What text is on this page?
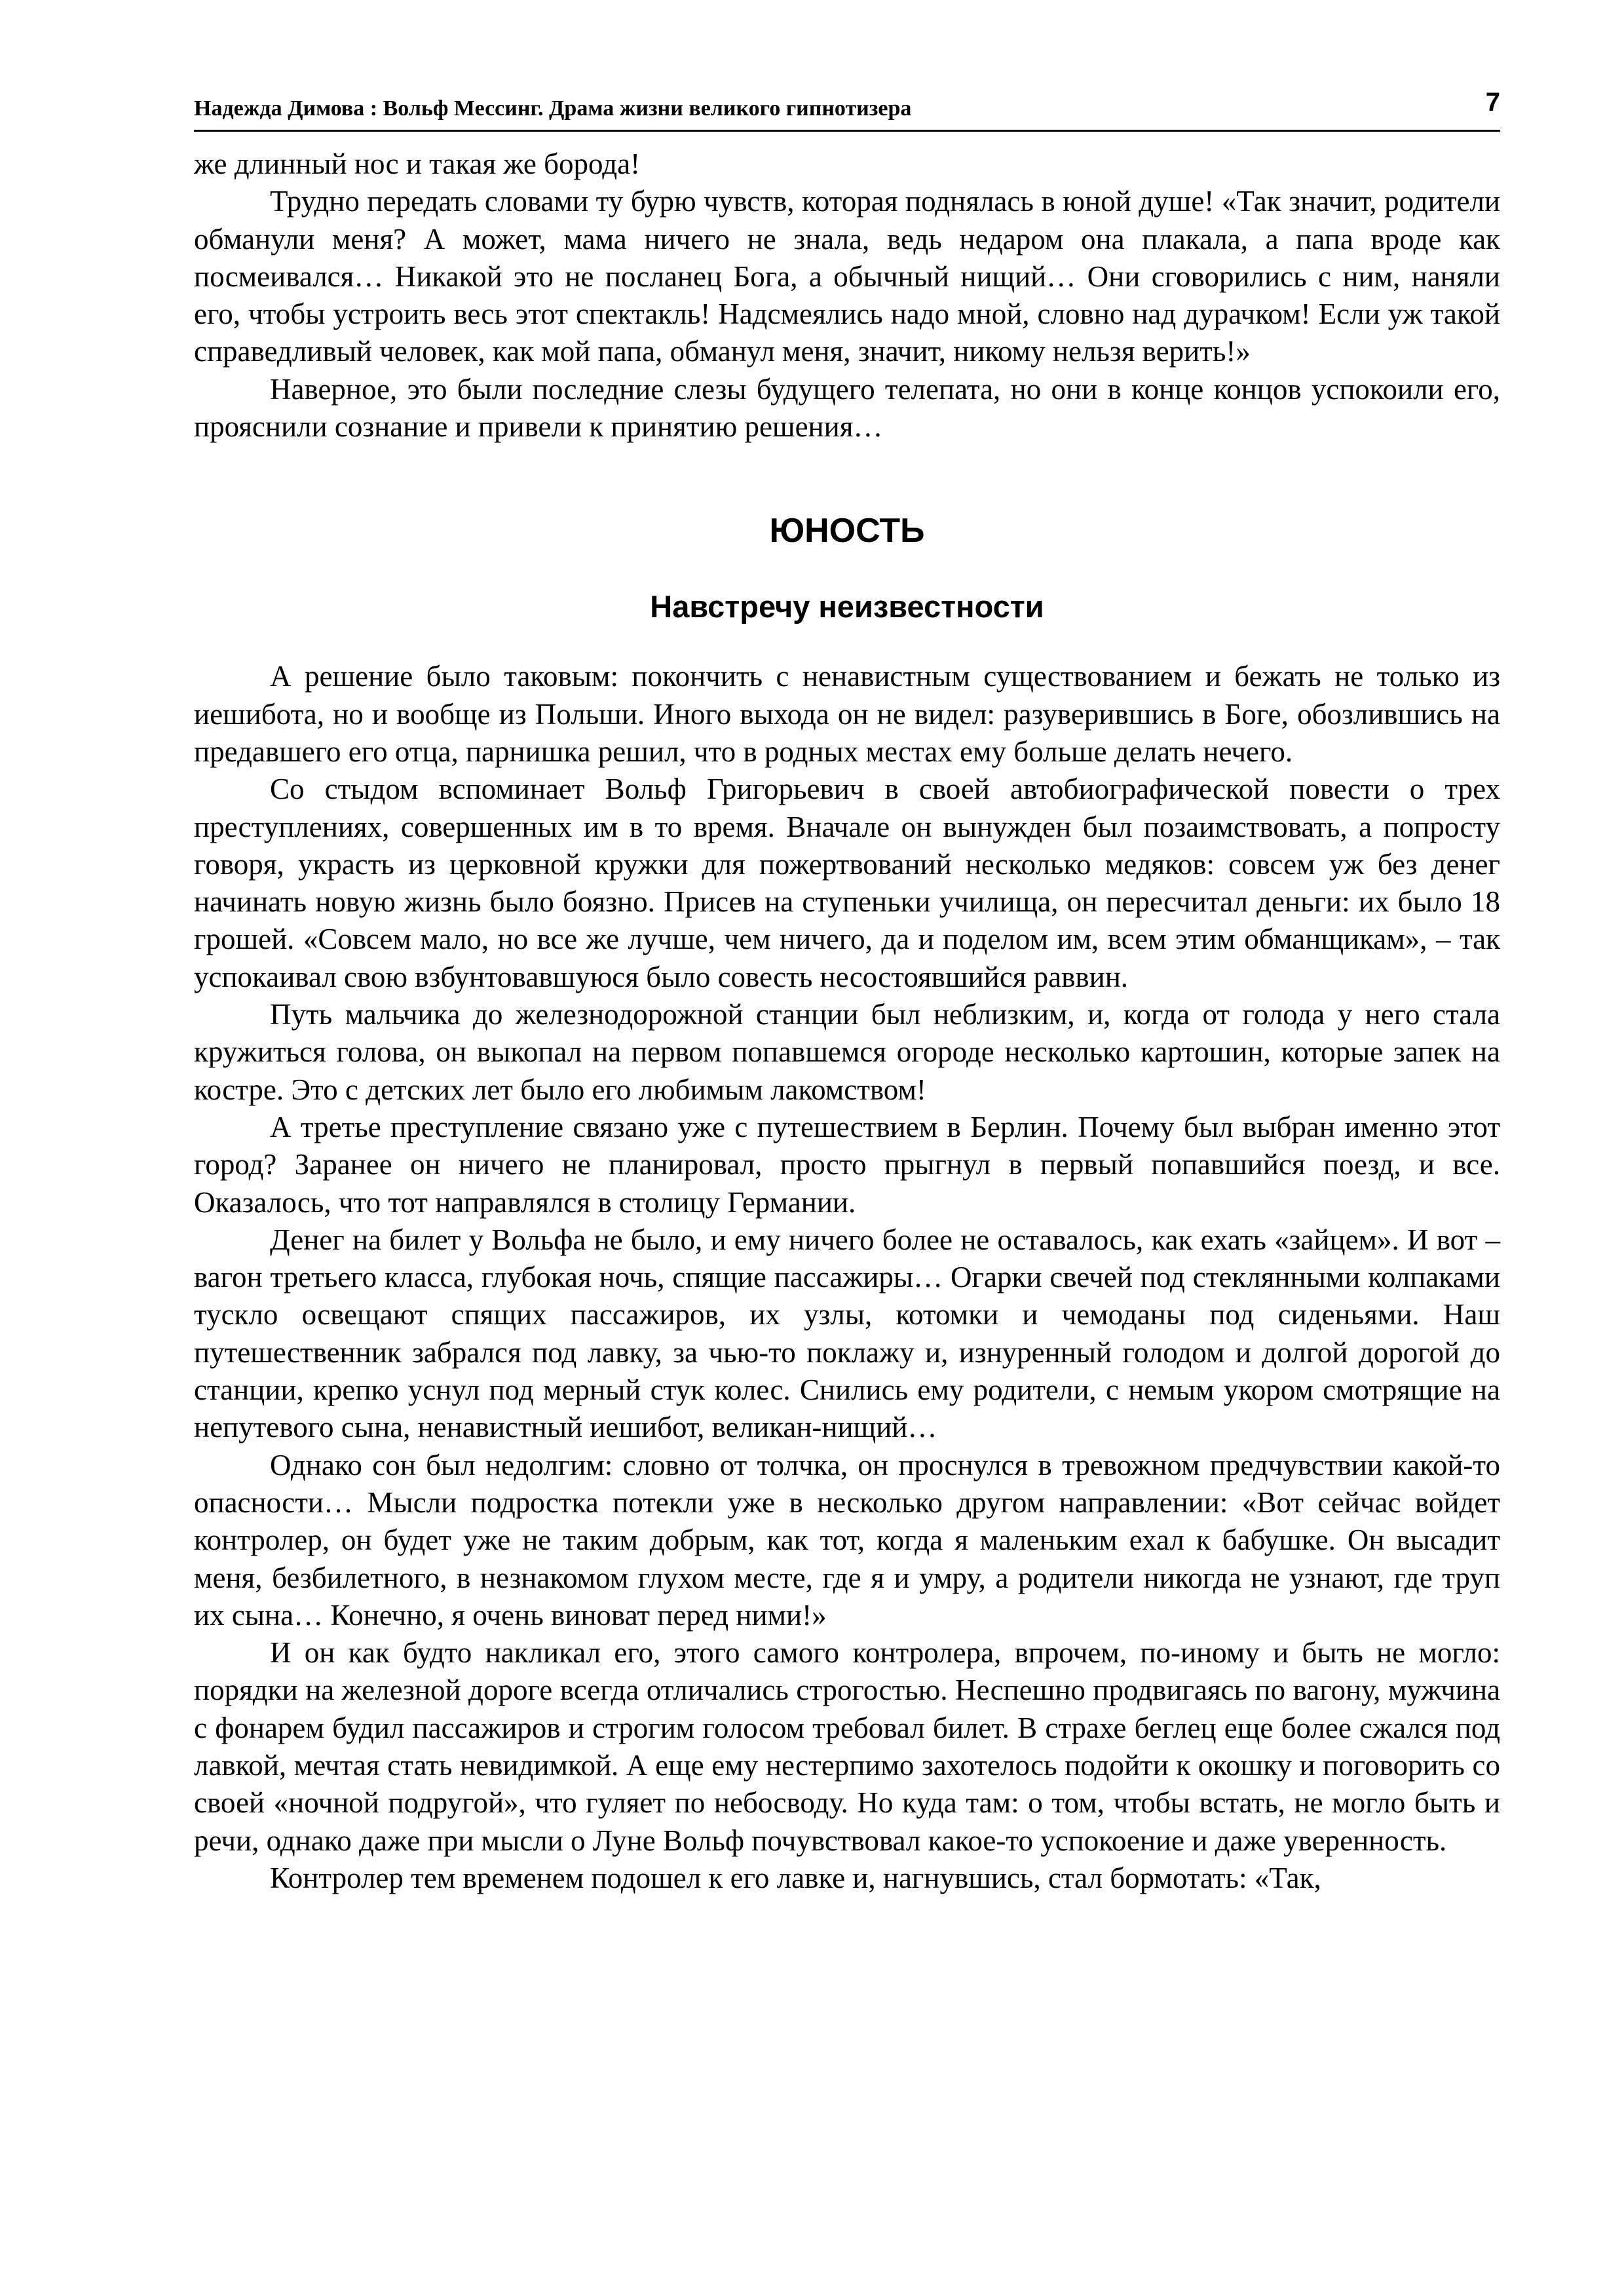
Надежда Димова : Вольф Мессинг. Драма жизни великого гипнотизера	7

же длинный нос и такая же борода!

Трудно передать словами ту бурю чувств, которая поднялась в юной душе! «Так значит, родители обманули меня? А может, мама ничего не знала, ведь недаром она плакала, а папа вроде как посмеивался… Никакой это не посланец Бога, а обычный нищий… Они сговорились с ним, наняли его, чтобы устроить весь этот спектакль! Надсмеялись надо мной, словно над дурачком! Если уж такой справедливый человек, как мой папа, обманул меня, значит, никому нельзя верить!»

Наверное, это были последние слезы будущего телепата, но они в конце концов успокоили его, прояснили сознание и привели к принятию решения…

ЮНОСТЬ
Навстречу неизвестности

А решение было таковым: покончить с ненавистным существованием и бежать не только из иешибота, но и вообще из Польши. Иного выхода он не видел: разуверившись в Боге, обозлившись на предавшего его отца, парнишка решил, что в родных местах ему больше делать нечего.

Со стыдом вспоминает Вольф Григорьевич в своей автобиографической повести о трех преступлениях, совершенных им в то время. Вначале он вынужден был позаимствовать, а попросту говоря, украсть из церковной кружки для пожертвований несколько медяков: совсем уж без денег начинать новую жизнь было боязно. Присев на ступеньки училища, он пересчитал деньги: их было 18 грошей. «Совсем мало, но все же лучше, чем ничего, да и поделом им, всем этим обманщикам», – так успокаивал свою взбунтовавшуюся было совесть несостоявшийся раввин.

Путь мальчика до железнодорожной станции был неблизким, и, когда от голода у него стала кружиться голова, он выкопал на первом попавшемся огороде несколько картошин, которые запек на костре. Это с детских лет было его любимым лакомством!

А третье преступление связано уже с путешествием в Берлин. Почему был выбран именно этот город? Заранее он ничего не планировал, просто прыгнул в первый попавшийся поезд, и все. Оказалось, что тот направлялся в столицу Германии.

Денег на билет у Вольфа не было, и ему ничего более не оставалось, как ехать «зайцем». И вот – вагон третьего класса, глубокая ночь, спящие пассажиры… Огарки свечей под стеклянными колпаками тускло освещают спящих пассажиров, их узлы, котомки и чемоданы под сиденьями. Наш путешественник забрался под лавку, за чью-то поклажу и, изнуренный голодом и долгой дорогой до станции, крепко уснул под мерный стук колес. Снились ему родители, с немым укором смотрящие на непутевого сына, ненавистный иешибот, великан-нищий…

Однако сон был недолгим: словно от толчка, он проснулся в тревожном предчувствии какой-то опасности… Мысли подростка потекли уже в несколько другом направлении: «Вот сейчас войдет контролер, он будет уже не таким добрым, как тот, когда я маленьким ехал к бабушке. Он высадит меня, безбилетного, в незнакомом глухом месте, где я и умру, а родители никогда не узнают, где труп их сына… Конечно, я очень виноват перед ними!»

И он как будто накликал его, этого самого контролера, впрочем, по-иному и быть не могло: порядки на железной дороге всегда отличались строгостью. Неспешно продвигаясь по вагону, мужчина с фонарем будил пассажиров и строгим голосом требовал билет. В страхе беглец еще более сжался под лавкой, мечтая стать невидимкой. А еще ему нестерпимо захотелось подойти к окошку и поговорить со своей «ночной подругой», что гуляет по небосводу. Но куда там: о том, чтобы встать, не могло быть и речи, однако даже при мысли о Луне Вольф почувствовал какое-то успокоение и даже уверенность.

Контролер тем временем подошел к его лавке и, нагнувшись, стал бормотать: «Так,
